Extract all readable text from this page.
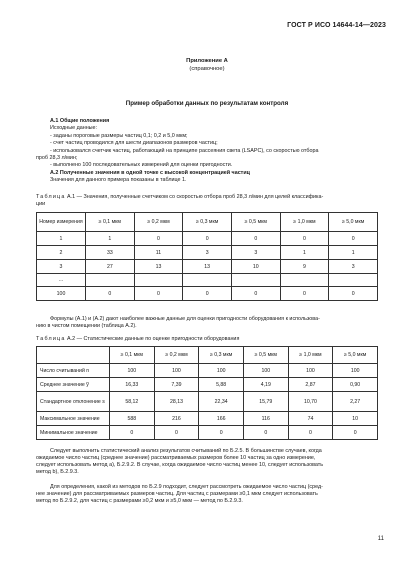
ГОСТ Р ИСО 14644-14—2023
Приложение А
(справочное)
Пример обработки данных по результатам контроля
А.1 Общие положения
Исходные данные:
- заданы пороговые размеры частиц 0,1; 0,2 и 5,0 мкм;
- счет частиц проводился для шести диапазонов размеров частиц;
- использовался счетчик частиц, работающий на принципе рассеяния света (LSAPC), со скоростью отбора
проб 28,3 л/мин;
- выполнено 100 последовательных измерений для оценки пригодности.
А.2 Полученные значения в одной точке с высокой концентрацией частиц
Значения для данного примера показаны в таблице 1.
Таблица А.1 — Значения, полученные счетчиком со скоростью отбора проб 28,3 л/мин для целей классифика-
ции
Номер измерения	≥ 0,1 мкм	≥ 0,2 мкм	≥ 0,3 мкм	≥ 0,5 мкм	≥ 1,0 мкм	≥ 5,0 мкм
1	1	0	0	0	0	0
2	33	11	3	3	1	1
3	27	13	13	10	9	3
...						
100	0	0	0	0	0	0
Формулы (А.1) и (А.2) дают наиболее важные данные для оценки пригодности оборудования к использова-
нию в чистом помещении (таблица А.2).
Таблица А.2 — Статистические данные по оценке пригодности оборудования
	≥ 0,1 мкм	≥ 0,2 мкм	≥ 0,3 мкм	≥ 0,5 мкм	≥ 1,0 мкм	≥ 5,0 мкм
Число считываний n	100	100	100	100	100	100
Среднее значение y̅	16,33	7,39	5,88	4,19	2,87	0,90
Стандартное отклонение s	58,12	28,13	22,34	15,79	10,70	2,27
Максимальное значение	588	216	166	116	74	10
Минимальное значение	0	0	0	0	0	0
Следует выполнить статистический анализ результатов считываний по Б.2.5. В большинстве случаев, когда
ожидаемое число частиц (среднее значение) рассматриваемых размеров более 10 частиц за одно измерение,
следует использовать метод а), Б.2.9.2. В случае, когда ожидаемое число частиц менее 10, следует использовать
метод b), Б.2.9.3.
Для определения, какой из методов по Б.2.9 подходит, следует рассмотреть ожидаемое число частиц (сред-
нее значение) для рассматриваемых размеров частиц. Для частиц с размерами ≥0,1 мкм следует использовать
метод по Б.2.9.2, для частиц с размерами ≥0,2 мкм и ≥5,0 мкм — метод по Б.2.9.3.
11
